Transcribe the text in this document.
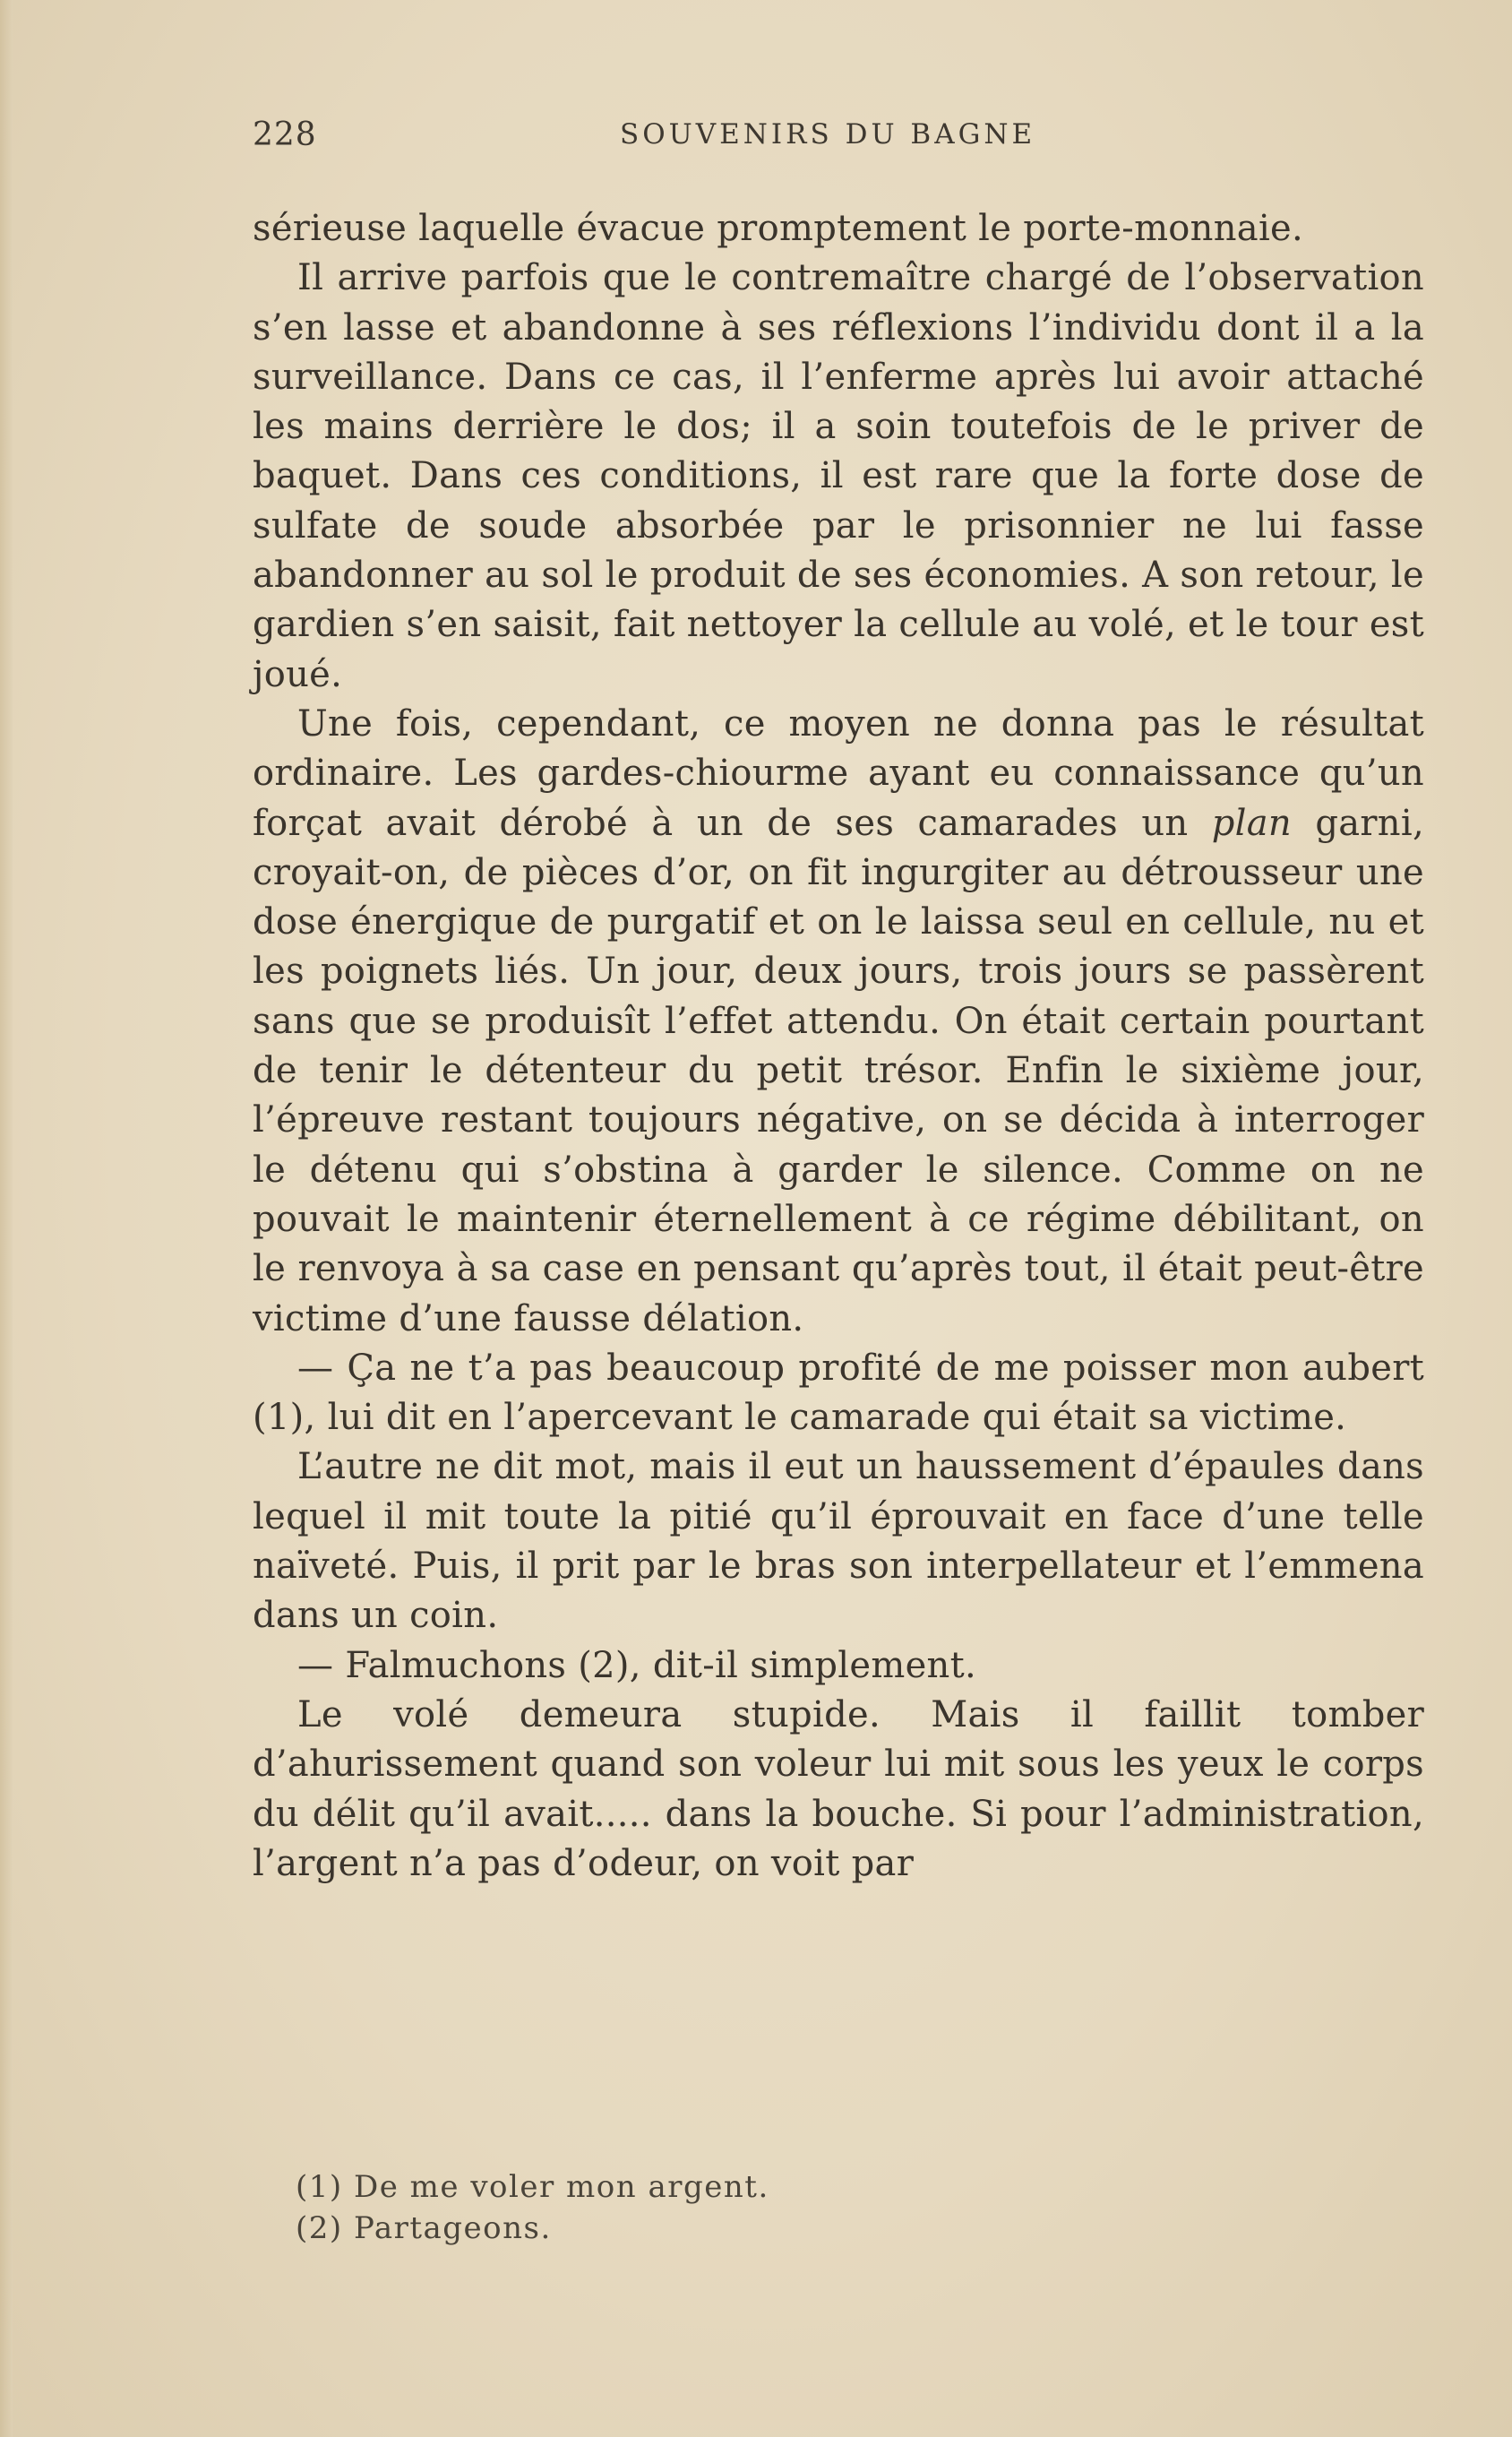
228	SOUVENIRS DU BAGNE

sérieuse laquelle évacue promptement le porte-monnaie.

Il arrive parfois que le contremaître chargé de l’observation s’en lasse et abandonne à ses réflexions l’individu dont il a la surveillance. Dans ce cas, il l’enferme après lui avoir attaché les mains derrière le dos; il a soin toutefois de le priver de baquet. Dans ces conditions, il est rare que la forte dose de sulfate de soude absorbée par le prisonnier ne lui fasse abandonner au sol le produit de ses économies. A son retour, le gardien s’en saisit, fait nettoyer la cellule au volé, et le tour est joué.

Une fois, cependant, ce moyen ne donna pas le résultat ordinaire. Les gardes-chiourme ayant eu connaissance qu’un forçat avait dérobé à un de ses camarades un plan garni, croyait-on, de pièces d’or, on fit ingurgiter au détrousseur une dose énergique de purgatif et on le laissa seul en cellule, nu et les poignets liés. Un jour, deux jours, trois jours se passèrent sans que se produisît l’effet attendu. On était certain pourtant de tenir le détenteur du petit trésor. Enfin le sixième jour, l’épreuve restant toujours négative, on se décida à interroger le détenu qui s’obstina à garder le silence. Comme on ne pouvait le maintenir éternellement à ce régime débilitant, on le renvoya à sa case en pensant qu’après tout, il était peut-être victime d’une fausse délation.

— Ça ne t’a pas beaucoup profité de me poisser mon aubert (1), lui dit en l’apercevant le camarade qui était sa victime.

L’autre ne dit mot, mais il eut un haussement d’épaules dans lequel il mit toute la pitié qu’il éprouvait en face d’une telle naïveté. Puis, il prit par le bras son interpellateur et l’emmena dans un coin.

— Falmuchons (2), dit-il simplement.

Le volé demeura stupide. Mais il faillit tomber d’ahurissement quand son voleur lui mit sous les yeux le corps du délit qu’il avait..... dans la bouche. Si pour l’administration, l’argent n’a pas d’odeur, on voit par

(1) De me voler mon argent.
(2) Partageons.
